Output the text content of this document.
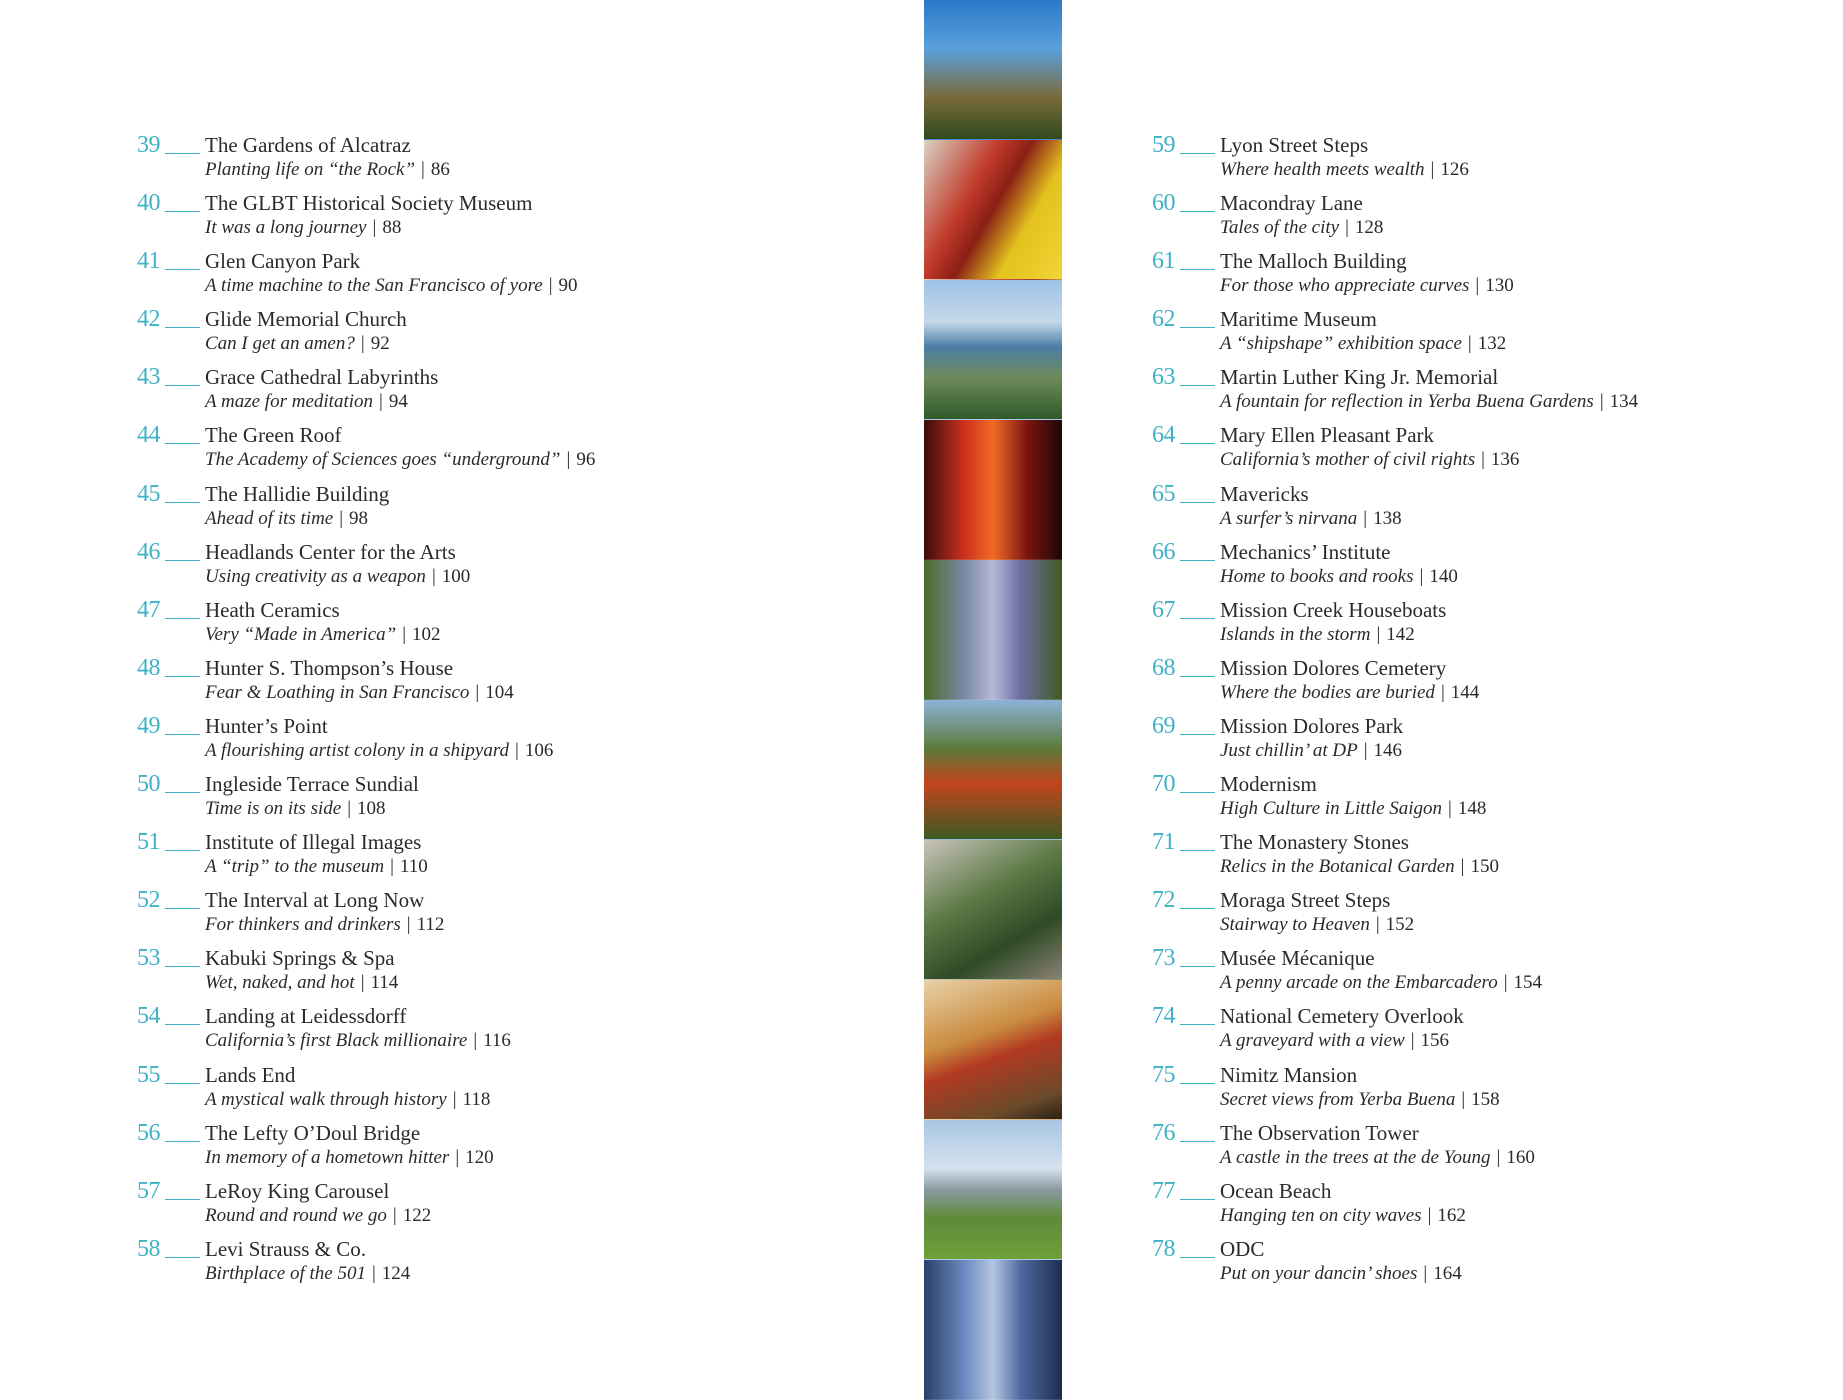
39 The Gardens of Alcatraz
Planting life on “the Rock” | 86
40 The GLBT Historical Society Museum
It was a long journey | 88
41 Glen Canyon Park
A time machine to the San Francisco of yore | 90
42 Glide Memorial Church
Can I get an amen? | 92
43 Grace Cathedral Labyrinths
A maze for meditation | 94
44 The Green Roof
The Academy of Sciences goes “underground” | 96
45 The Hallidie Building
Ahead of its time | 98
46 Headlands Center for the Arts
Using creativity as a weapon | 100
47 Heath Ceramics
Very “Made in America” | 102
48 Hunter S. Thompson’s House
Fear & Loathing in San Francisco | 104
49 Hunter’s Point
A flourishing artist colony in a shipyard | 106
50 Ingleside Terrace Sundial
Time is on its side | 108
51 Institute of Illegal Images
A “trip” to the museum | 110
52 The Interval at Long Now
For thinkers and drinkers | 112
53 Kabuki Springs & Spa
Wet, naked, and hot | 114
54 Landing at Leidessdorff
California’s first Black millionaire | 116
55 Lands End
A mystical walk through history | 118
56 The Lefty O’Doul Bridge
In memory of a hometown hitter | 120
57 LeRoy King Carousel
Round and round we go | 122
58 Levi Strauss & Co.
Birthplace of the 501 | 124
59 Lyon Street Steps
Where health meets wealth | 126
60 Macondray Lane
Tales of the city | 128
61 The Malloch Building
For those who appreciate curves | 130
62 Maritime Museum
A “shipshape” exhibition space | 132
63 Martin Luther King Jr. Memorial
A fountain for reflection in Yerba Buena Gardens | 134
64 Mary Ellen Pleasant Park
California’s mother of civil rights | 136
65 Mavericks
A surfer’s nirvana | 138
66 Mechanics’ Institute
Home to books and rooks | 140
67 Mission Creek Houseboats
Islands in the storm | 142
68 Mission Dolores Cemetery
Where the bodies are buried | 144
69 Mission Dolores Park
Just chillin’ at DP | 146
70 Modernism
High Culture in Little Saigon | 148
71 The Monastery Stones
Relics in the Botanical Garden | 150
72 Moraga Street Steps
Stairway to Heaven | 152
73 Musée Mécanique
A penny arcade on the Embarcadero | 154
74 National Cemetery Overlook
A graveyard with a view | 156
75 Nimitz Mansion
Secret views from Yerba Buena | 158
76 The Observation Tower
A castle in the trees at the de Young | 160
77 Ocean Beach
Hanging ten on city waves | 162
78 ODC
Put on your dancin’ shoes | 164
